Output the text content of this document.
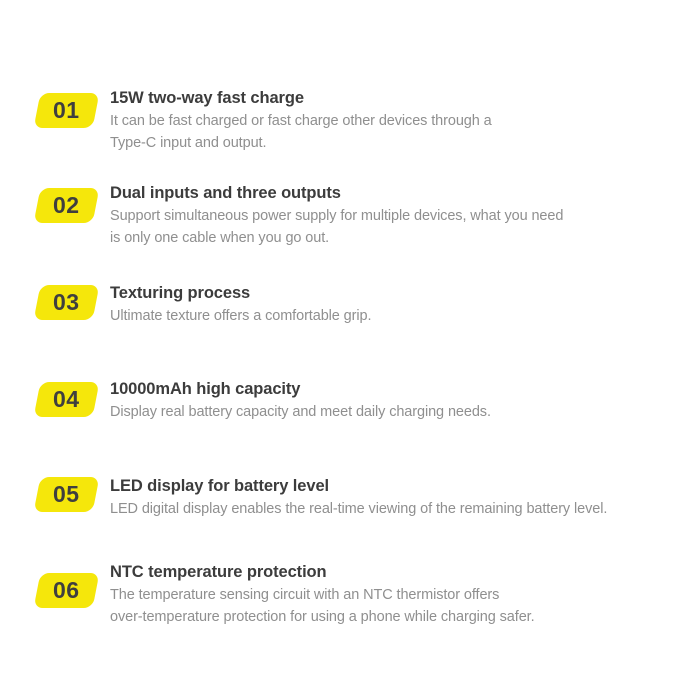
01 15W two-way fast charge
It can be fast charged or fast charge other devices through a
Type-C input and output.
02 Dual inputs and three outputs
Support simultaneous power supply for multiple devices, what you need
is only one cable when you go out.
03 Texturing process
Ultimate texture offers a comfortable grip.
04 10000mAh high capacity
Display real battery capacity and meet daily charging needs.
05 LED display for battery level
LED digital display enables the real-time viewing of the remaining battery level.
06
NTC temperature protection
The temperature sensing circuit with an NTC thermistor offers
over-temperature protection for using a phone while charging safer.
